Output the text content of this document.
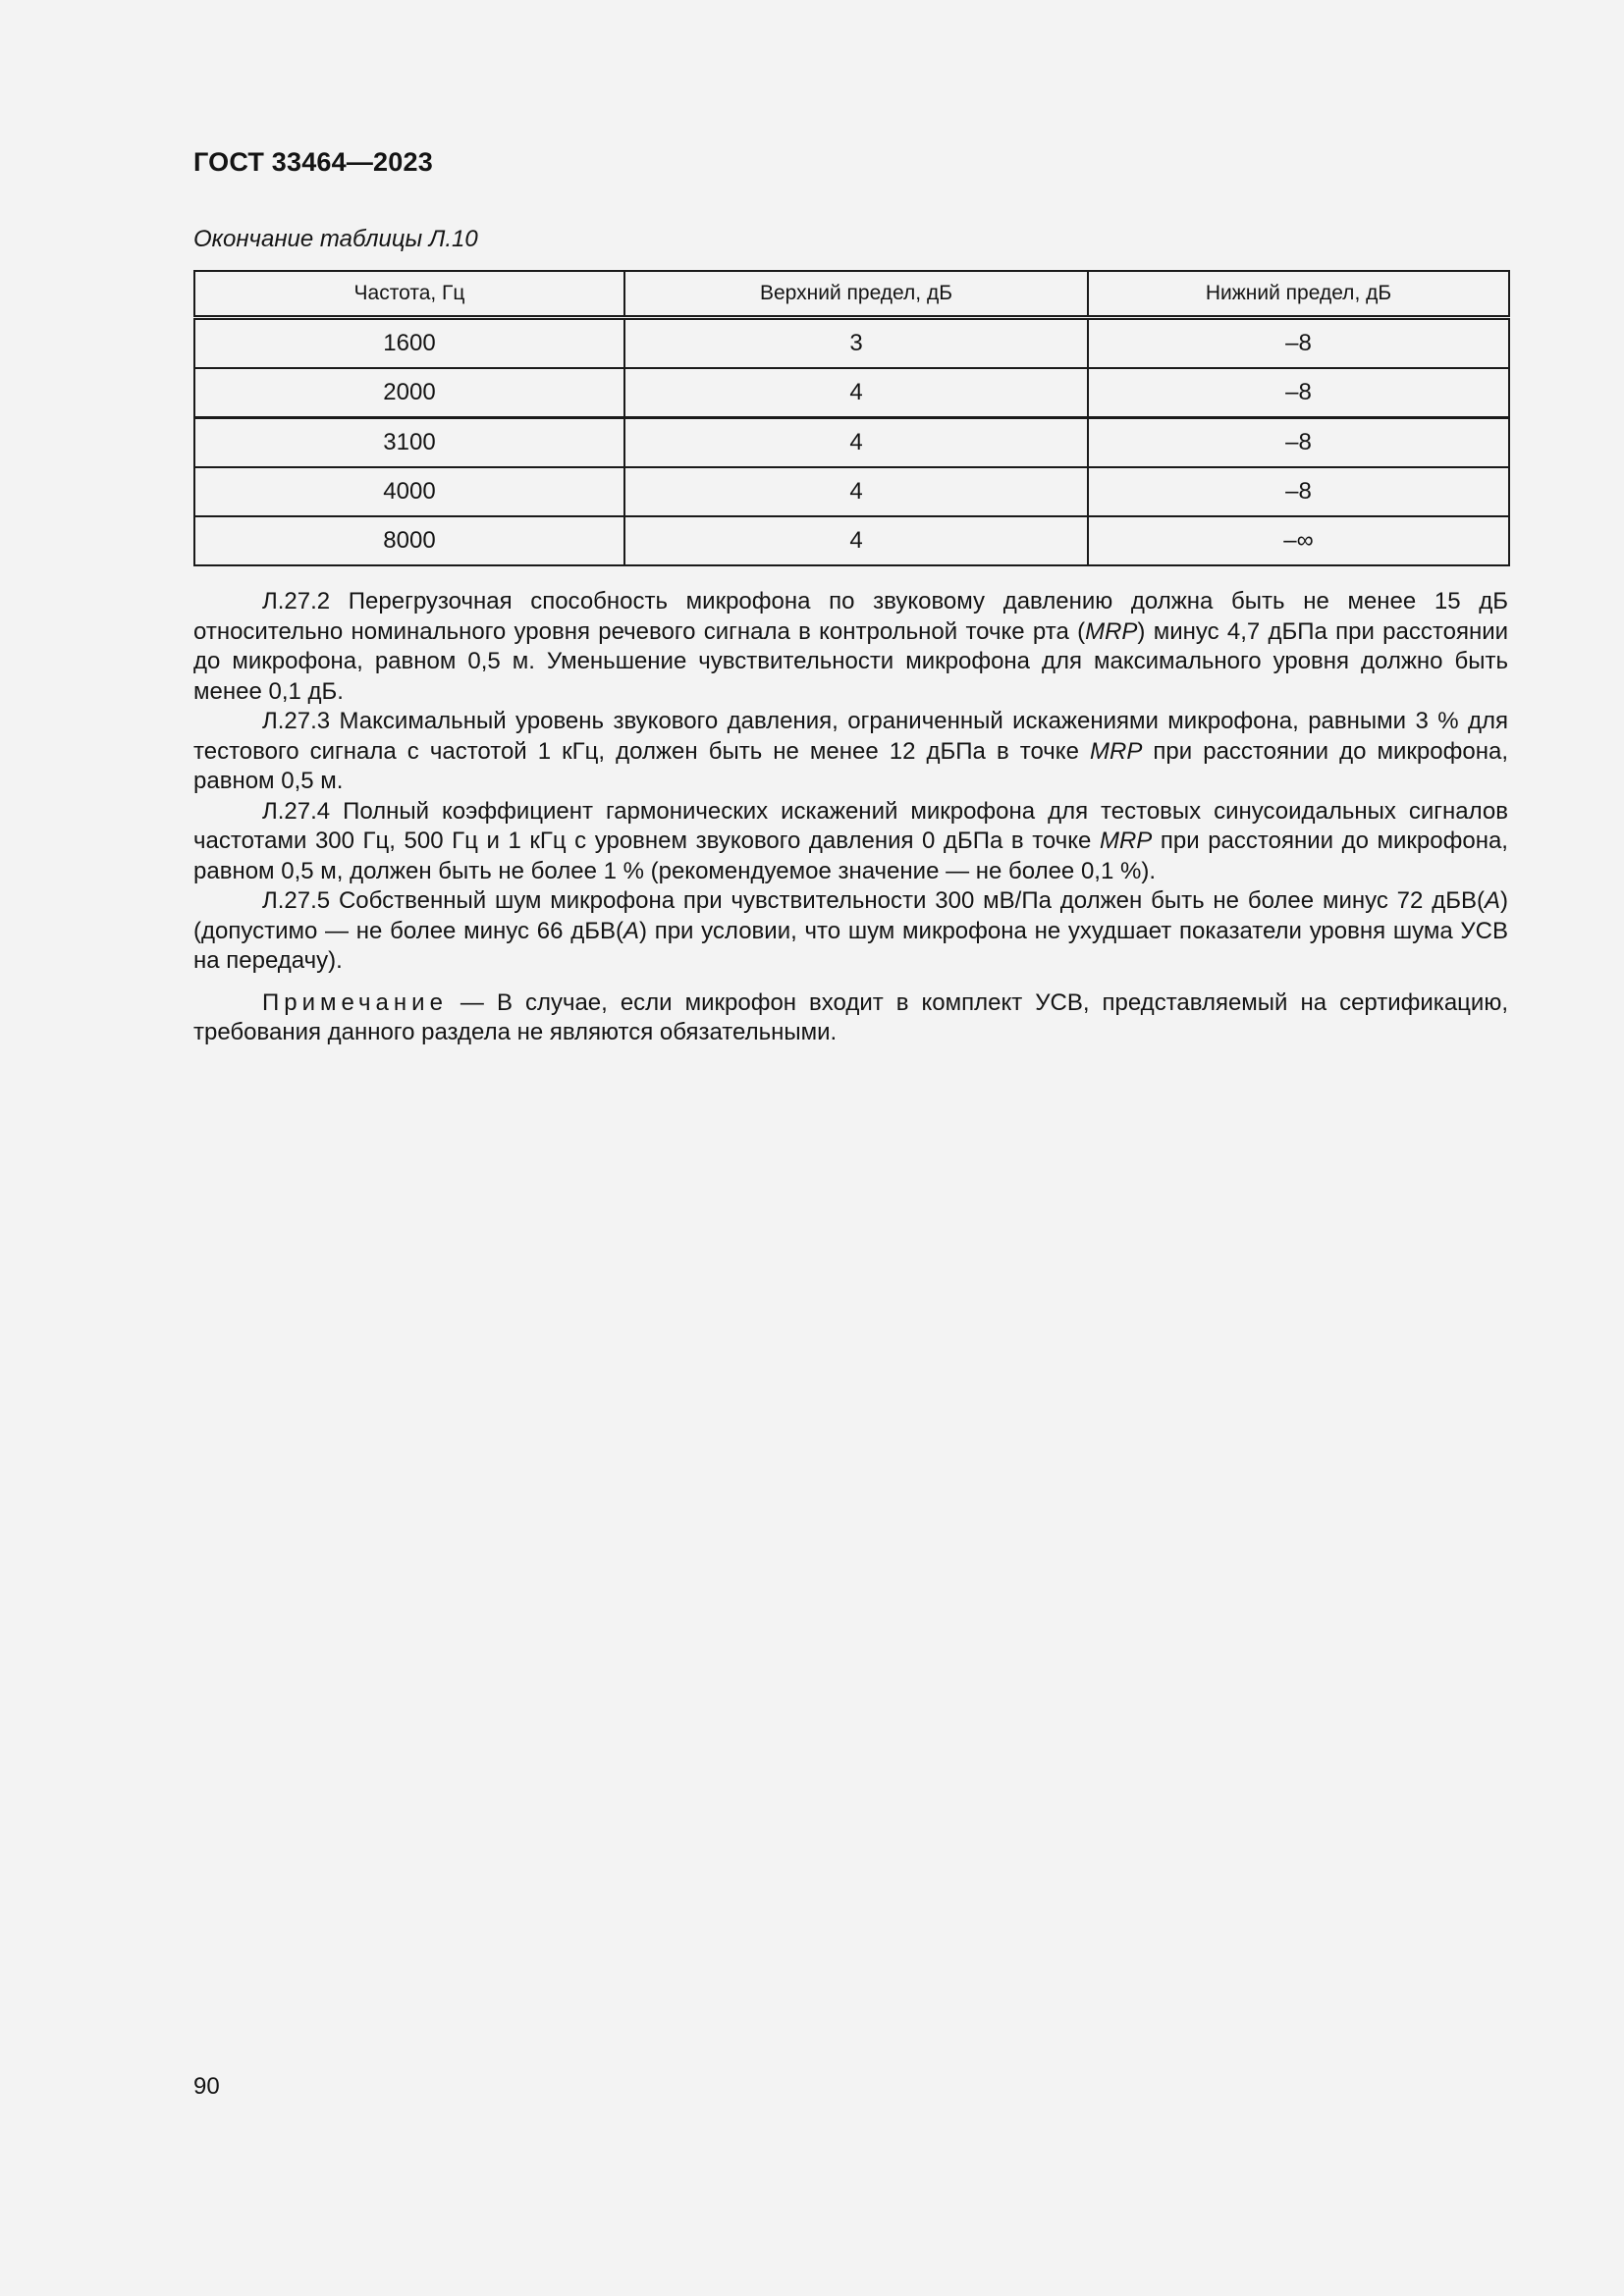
ГОСТ 33464—2023
Окончание таблицы Л.10
Частота, Гц	Верхний предел, дБ	Нижний предел, дБ
1600	3	–8
2000	4	–8
3100	4	–8
4000	4	–8
8000	4	–∞

Л.27.2 Перегрузочная способность микрофона по звуковому давлению должна быть не менее 15 дБ относительно номинального уровня речевого сигнала в контрольной точке рта (MRP) минус 4,7 дБПа при расстоянии до микрофона, равном 0,5 м. Уменьшение чувствительности микрофона для максимального уровня должно быть менее 0,1 дБ.

Л.27.3 Максимальный уровень звукового давления, ограниченный искажениями микрофона, равными 3 % для тестового сигнала с частотой 1 кГц, должен быть не менее 12 дБПа в точке MRP при расстоянии до микрофона, равном 0,5 м.

Л.27.4 Полный коэффициент гармонических искажений микрофона для тестовых синусоидальных сигналов частотами 300 Гц, 500 Гц и 1 кГц с уровнем звукового давления 0 дБПа в точке MRP при расстоянии до микрофона, равном 0,5 м, должен быть не более 1 % (рекомендуемое значение — не более 0,1 %).

Л.27.5 Собственный шум микрофона при чувствительности 300 мВ/Па должен быть не более минус 72 дБВ(A) (допустимо — не более минус 66 дБВ(A) при условии, что шум микрофона не ухудшает показатели уровня шума УСВ на передачу).

Примечание — В случае, если микрофон входит в комплект УСВ, представляемый на сертификацию, требования данного раздела не являются обязательными.

90
